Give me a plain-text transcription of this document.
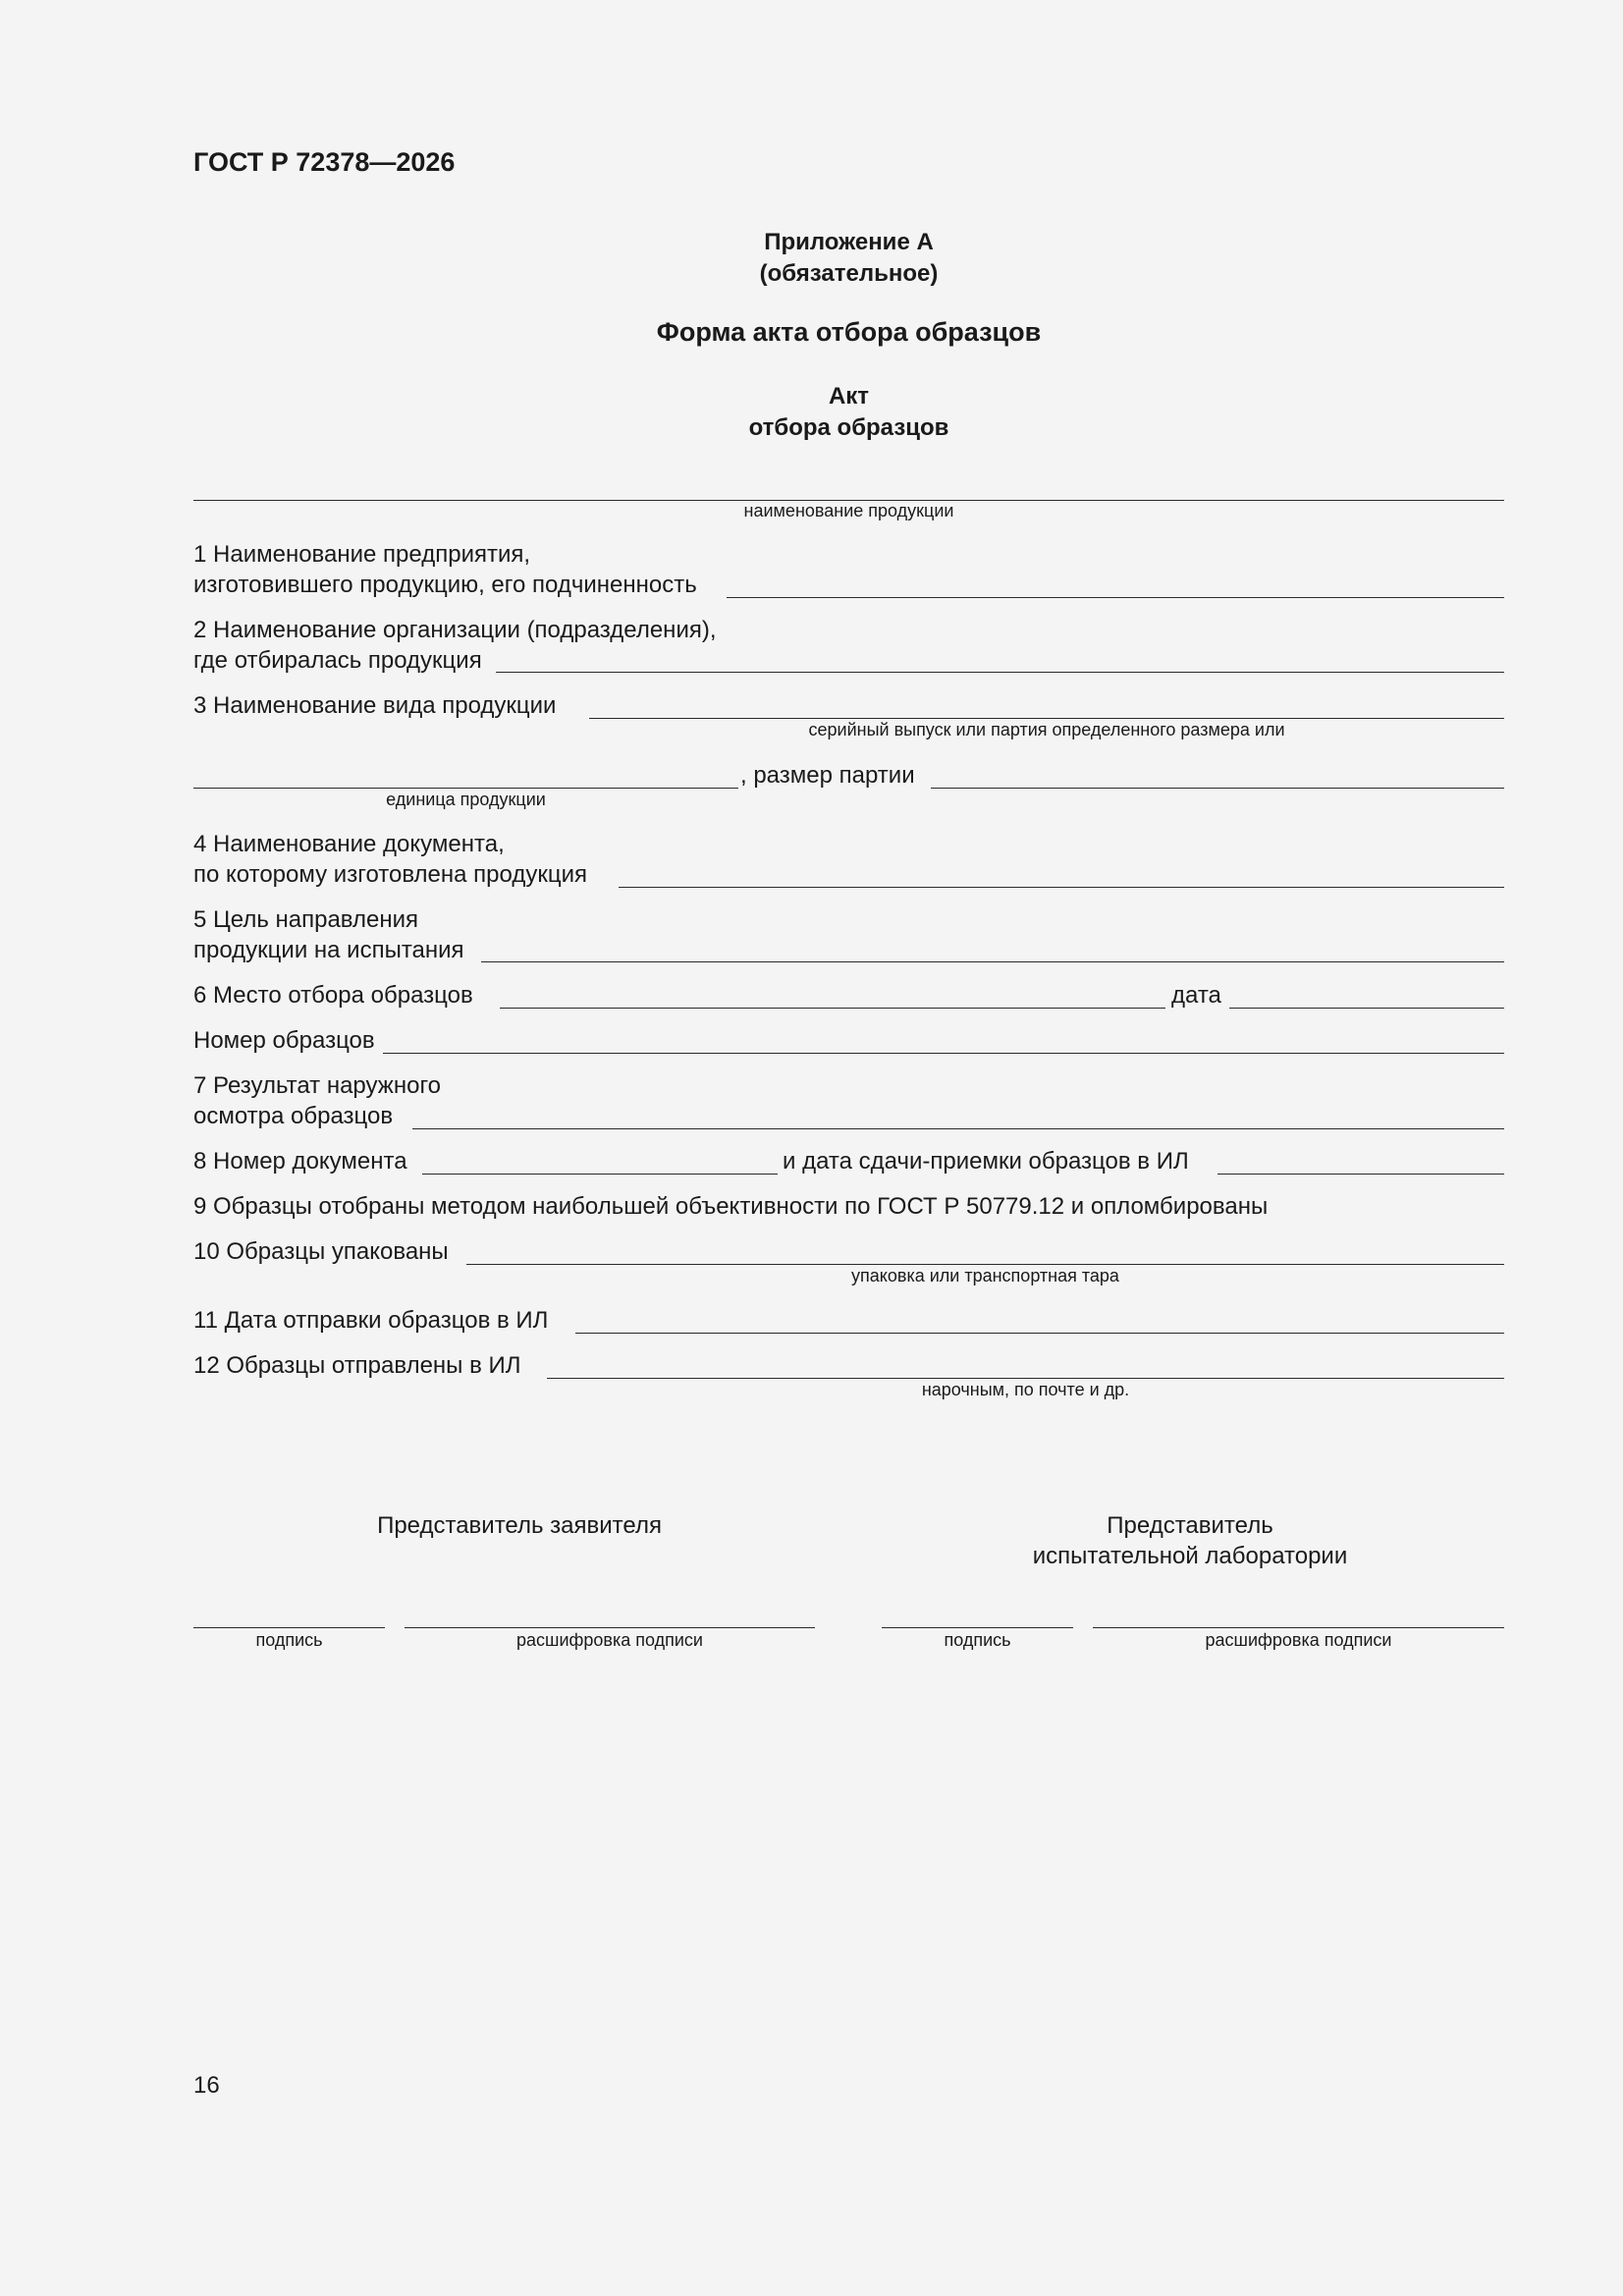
ГОСТ Р 72378—2026
Приложение А
(обязательное)
Форма акта отбора образцов
Акт
отбора образцов
наименование продукции
1 Наименование предприятия,
изготовившего продукцию, его подчиненность
2 Наименование организации (подразделения),
где отбиралась продукция
3 Наименование вида продукции
серийный выпуск или партия определенного размера или
единица продукции
, размер партии
4 Наименование документа,
по которому изготовлена продукция
5 Цель направления
продукции на испытания
6 Место отбора образцов	дата
Номер образцов
7 Результат наружного
осмотра образцов
8 Номер документа	и дата сдачи-приемки образцов в ИЛ
9 Образцы отобраны методом наибольшей объективности по ГОСТ Р 50779.12 и опломбированы
10 Образцы упакованы
упаковка или транспортная тара
11 Дата отправки образцов в ИЛ
12 Образцы отправлены в ИЛ
нарочным, по почте и др.
Представитель заявителя	Представитель
испытательной лаборатории
подпись	расшифровка подписи	подпись	расшифровка подписи
16
